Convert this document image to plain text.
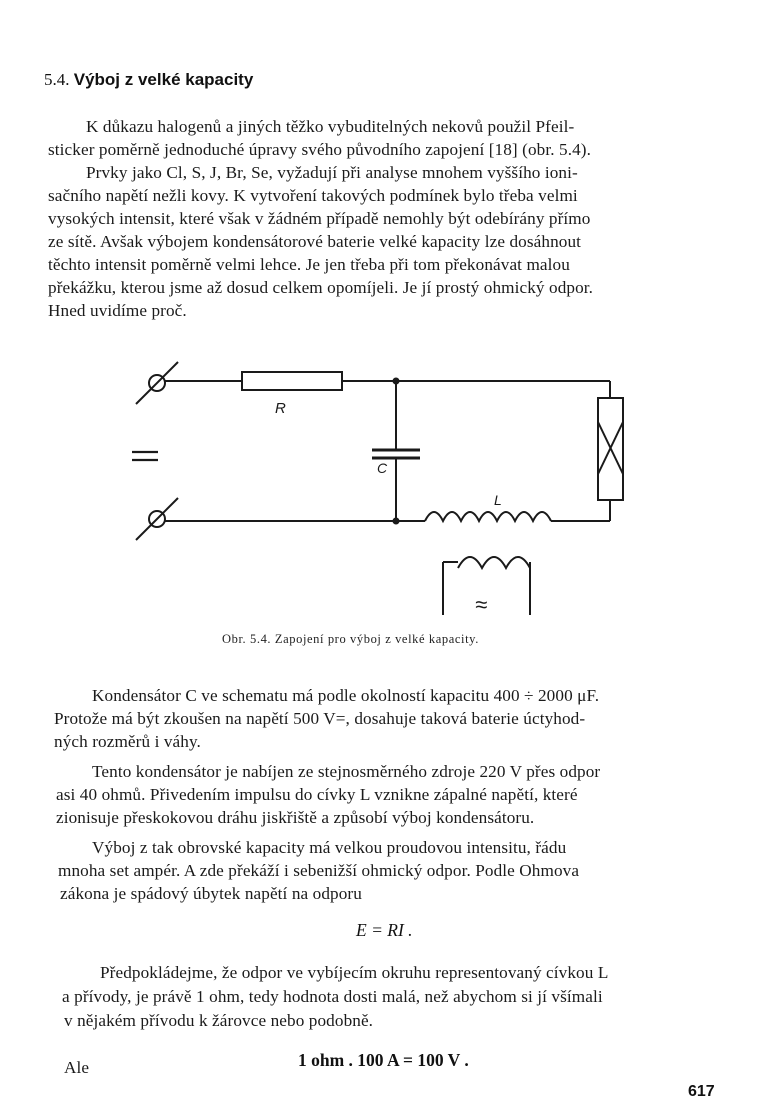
5.4. Výboj z velké kapacity
K důkazu halogenů a jiných těžko vybuditelných nekovů použil Pfeil-
sticker poměrně jednoduché úpravy svého původního zapojení [18] (obr. 5.4).
Prvky jako Cl, S, J, Br, Se, vyžadují při analyse mnohem vyššího ioni-
sačního napětí nežli kovy. K vytvoření takových podmínek bylo třeba velmi
vysokých intensit, které však v žádném případě nemohly být odebírány přímo
ze sítě. Avšak výbojem kondensátorové baterie velké kapacity lze dosáhnout
těchto intensit poměrně velmi lehce. Je jen třeba při tom překonávat malou
překážku, kterou jsme až dosud celkem opomíjeli. Je jí prostý ohmický odpor.
Hned uvidíme proč.
R
C
L
≈
Obr. 5.4. Zapojení pro výboj z velké kapacity.
Kondensátor C ve schematu má podle okolností kapacitu 400 ÷ 2000 μF.
Protože má být zkoušen na napětí 500 V=, dosahuje taková baterie úctyhod-
ných rozměrů i váhy.
Tento kondensátor je nabíjen ze stejnosměrného zdroje 220 V přes odpor
asi 40 ohmů. Přivedením impulsu do cívky L vznikne zápalné napětí, které
zionisuje přeskokovou dráhu jiskřiště a způsobí výboj kondensátoru.
Výboj z tak obrovské kapacity má velkou proudovou intensitu, řádu
mnoha set ampér. A zde překáží i sebenižší ohmický odpor. Podle Ohmova
zákona je spádový úbytek napětí na odporu
E = RI .
Předpokládejme, že odpor ve vybíjecím okruhu representovaný cívkou L
a přívody, je právě 1 ohm, tedy hodnota dosti malá, než abychom si jí všímali
v nějakém přívodu k žárovce nebo podobně.
Ale	1 ohm . 100 A = 100 V .
617
